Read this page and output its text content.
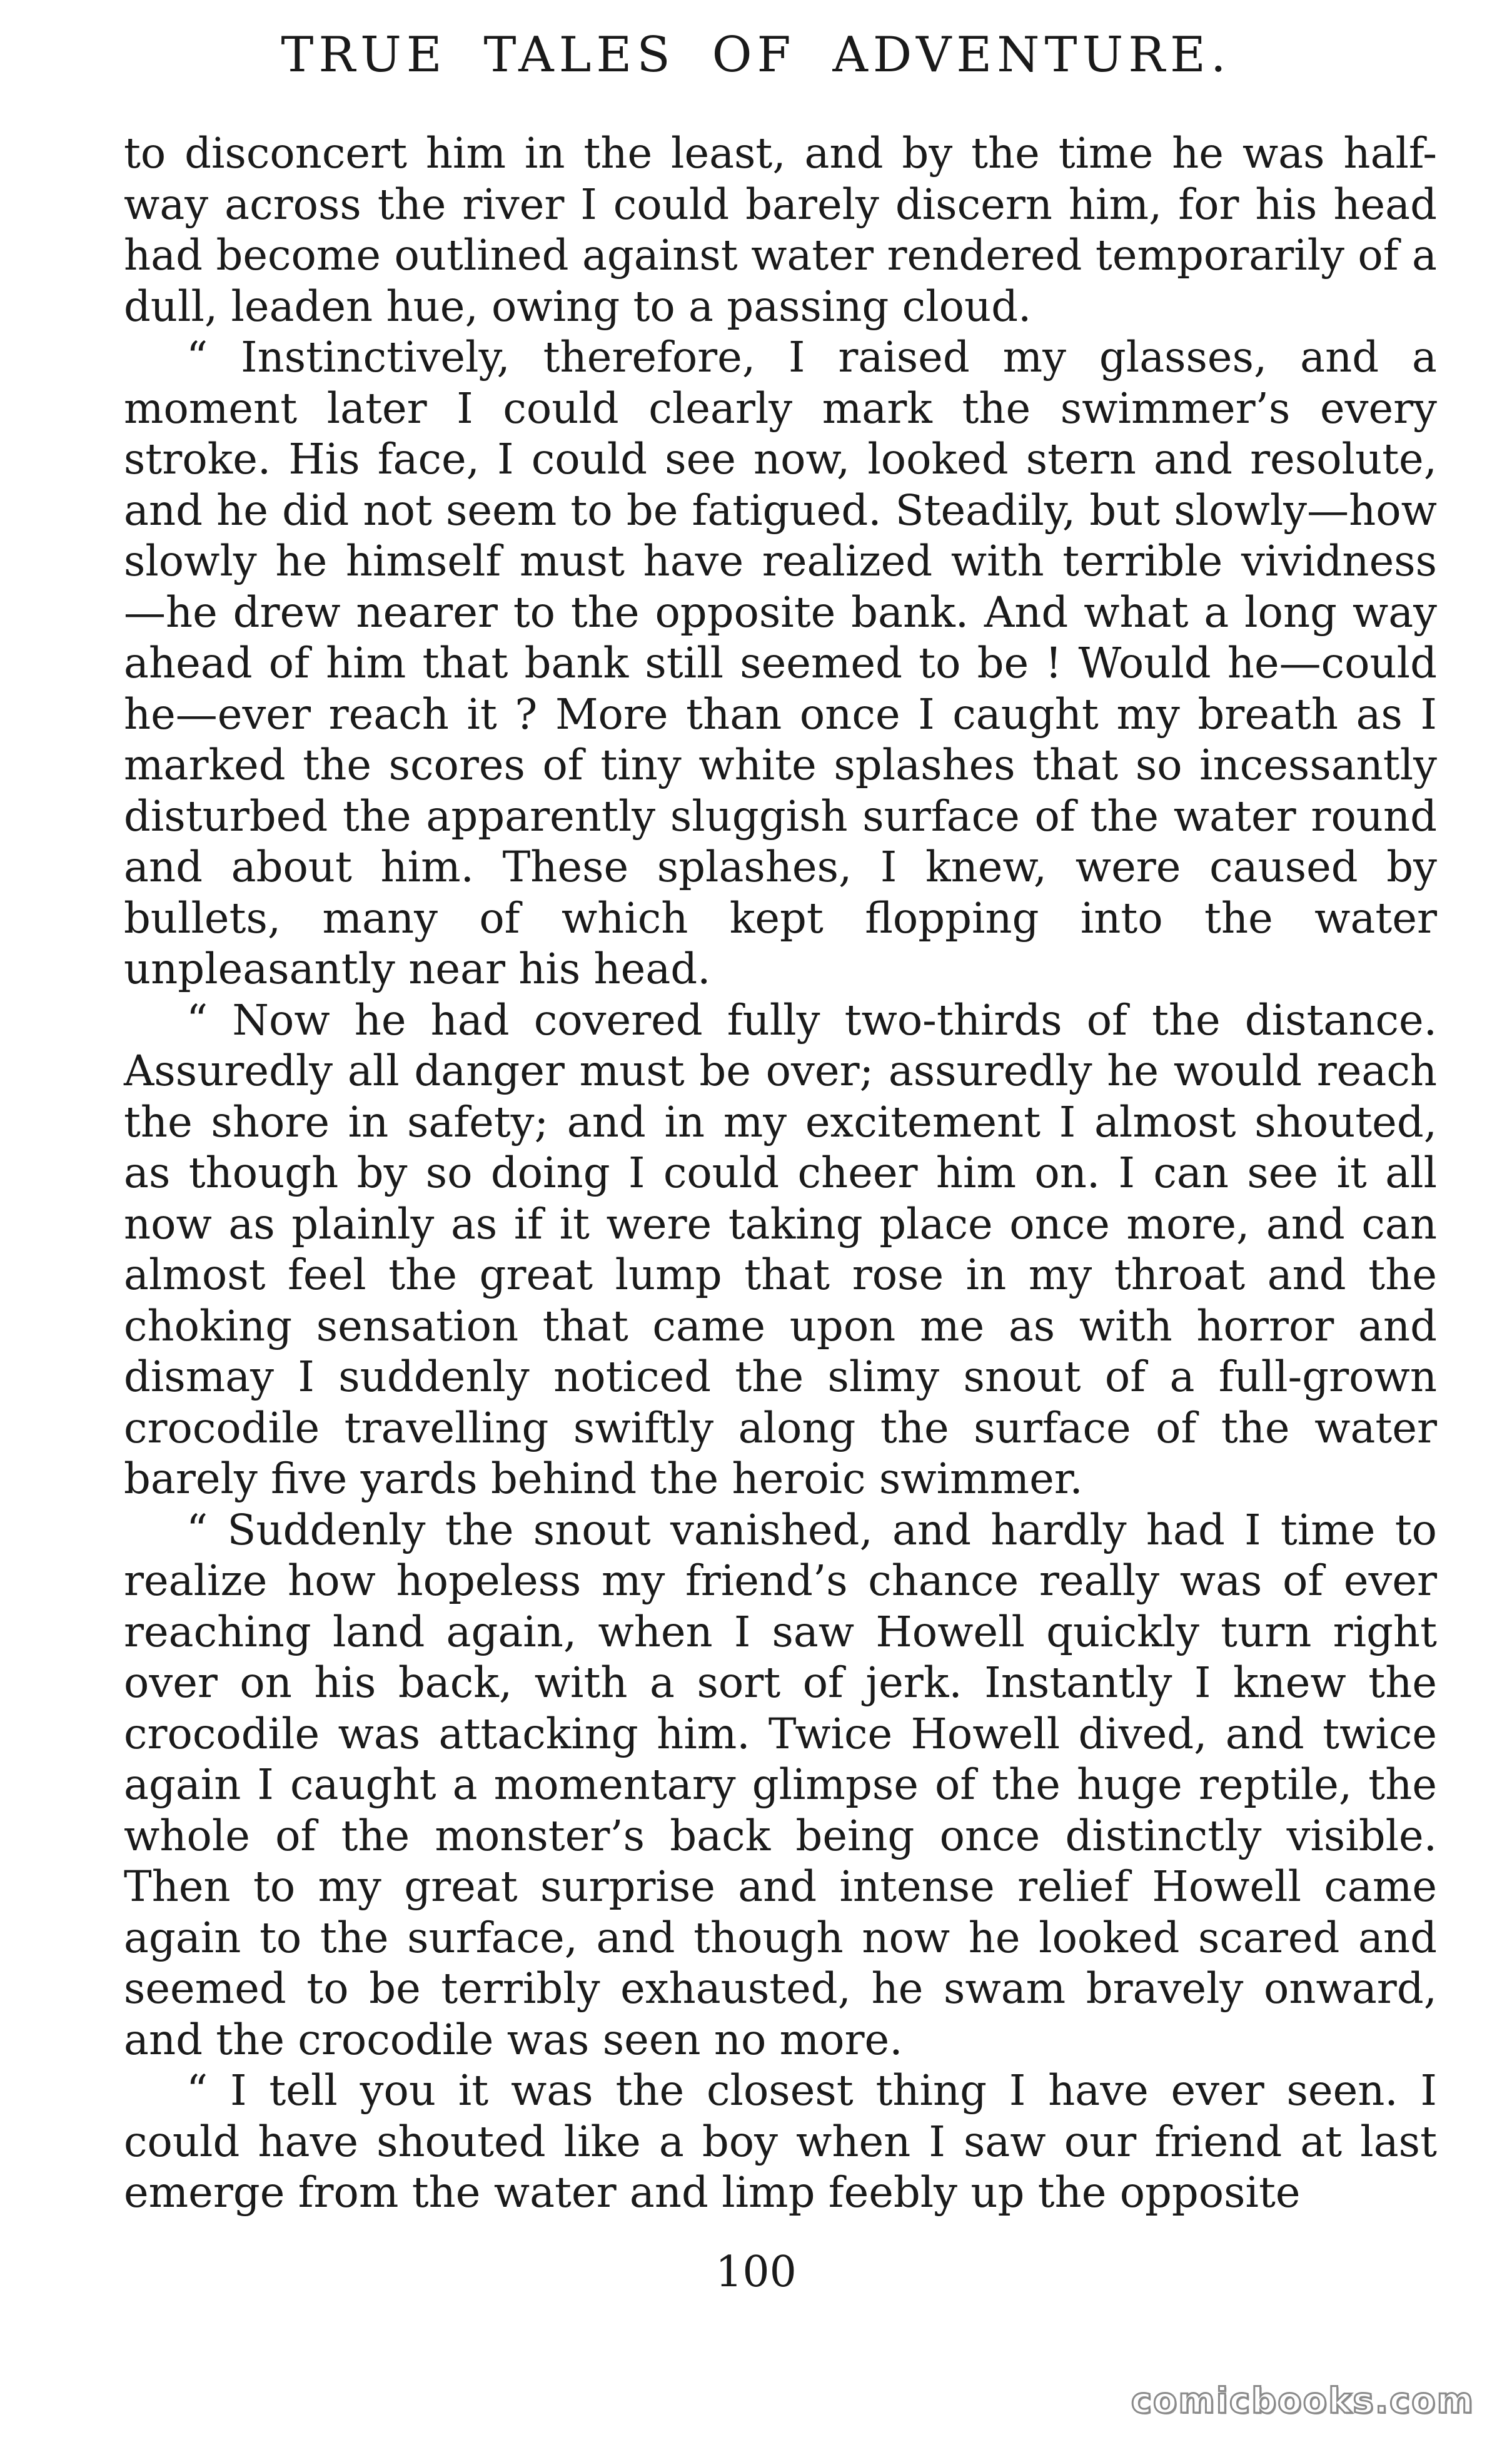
TRUE TALES OF ADVENTURE.

to disconcert him in the least, and by the time he was half-way across the river I could barely discern him, for his head had become outlined against water rendered temporarily of a dull, leaden hue, owing to a passing cloud.

“ Instinctively, therefore, I raised my glasses, and a moment later I could clearly mark the swimmer’s every stroke. His face, I could see now, looked stern and resolute, and he did not seem to be fatigued. Steadily, but slowly—how slowly he himself must have realized with terrible vividness—he drew nearer to the opposite bank. And what a long way ahead of him that bank still seemed to be ! Would he—could he—ever reach it ? More than once I caught my breath as I marked the scores of tiny white splashes that so incessantly disturbed the apparently sluggish surface of the water round and about him. These splashes, I knew, were caused by bullets, many of which kept flopping into the water unpleasantly near his head.

“ Now he had covered fully two-thirds of the distance. Assuredly all danger must be over; assuredly he would reach the shore in safety; and in my excitement I almost shouted, as though by so doing I could cheer him on. I can see it all now as plainly as if it were taking place once more, and can almost feel the great lump that rose in my throat and the choking sensation that came upon me as with horror and dismay I suddenly noticed the slimy snout of a full-grown crocodile travelling swiftly along the surface of the water barely five yards behind the heroic swimmer.

“ Suddenly the snout vanished, and hardly had I time to realize how hopeless my friend’s chance really was of ever reaching land again, when I saw Howell quickly turn right over on his back, with a sort of jerk. Instantly I knew the crocodile was attacking him. Twice Howell dived, and twice again I caught a momentary glimpse of the huge reptile, the whole of the monster’s back being once distinctly visible. Then to my great surprise and intense relief Howell came again to the surface, and though now he looked scared and seemed to be terribly exhausted, he swam bravely onward, and the crocodile was seen no more.

“ I tell you it was the closest thing I have ever seen. I could have shouted like a boy when I saw our friend at last emerge from the water and limp feebly up the opposite

100
comicbooks.com
